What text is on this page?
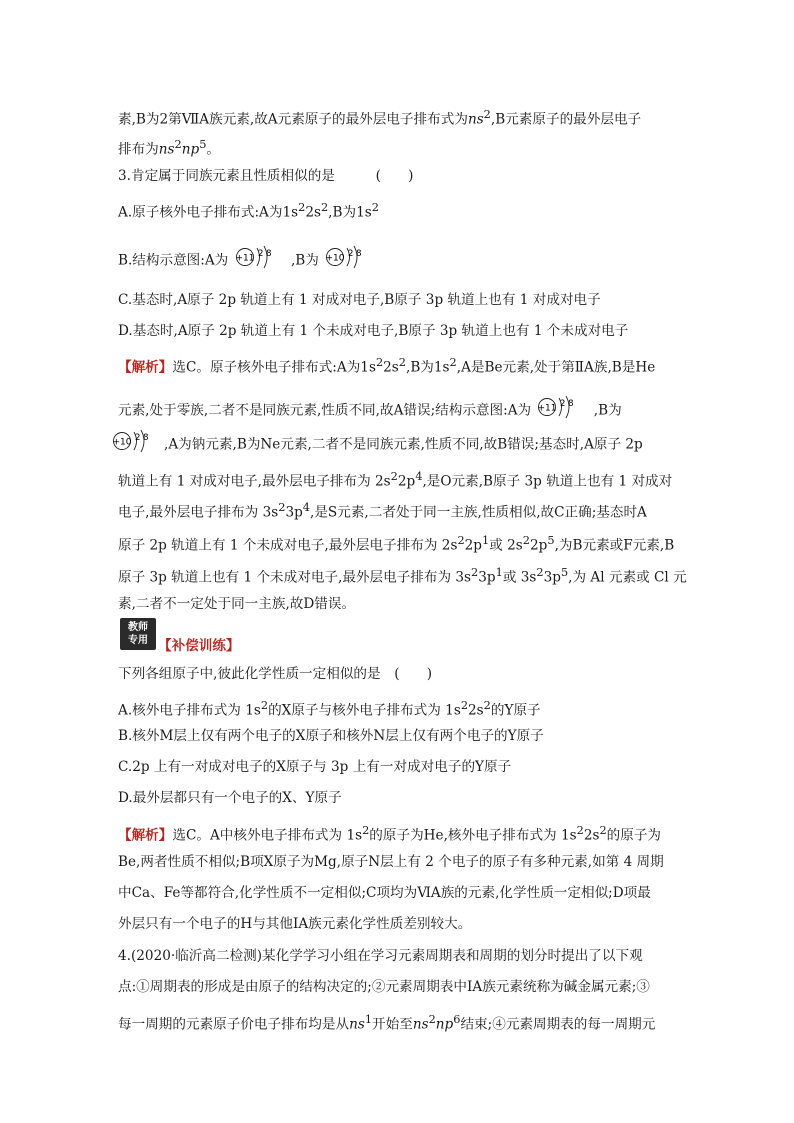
素,B为2第ⅦA族元素,故A元素原子的最外层电子排布式为$ns^2,B$元素原子的最外层电子
排布为$ns^2np^5$。
3.肯定属于同族元素且性质相似的是　　　	(　　)
A.原子核外电子排布式:A为$1s^22s^2,B$为$1s^2$
B.结构示意图:A为 +11 2 8 ,B为 +10 2 8
C.基态时,A原子 2p 轨道上有 1 对成对电子,B原子 3p 轨道上也有 1 对成对电子
D.基态时,A原子 2p 轨道上有 1 个未成对电子,B原子 3p 轨道上也有 1 个未成对电子
【解析】选C。原子核外电子排布式:A为$1s^22s^2,B$为$1s^2,A$是Be元素,处于第ⅡA族,B是He
元素,处于零族,二者不是同族元素,性质不同,故A错误;结构示意图:A为 +11 2 8 ,B为
+10 2 8 ,A为钠元素,B为Ne元素,二者不是同族元素,性质不同,故B错误;基态时,A原子 2p
轨道上有 1 对成对电子,最外层电子排布为 $2s^22p^4$,是O元素,B原子 3p 轨道上也有 1 对成对
电子,最外层电子排布为 $3s^23p^4$,是S元素,二者处于同一主族,性质相似,故C正确;基态时A
原子 2p 轨道上有 1 个未成对电子,最外层电子排布为 $2s^22p^1$或 $2s^22p^5$,为B元素或F元素,B
原子 3p 轨道上也有 1 个未成对电子,最外层电子排布为 $3s^23p^1$或 $3s^23p^5$,为 Al 元素或 Cl 元
素,二者不一定处于同一主族,故D错误。
教师
专用 【补偿训练】
下列各组原子中,彼此化学性质一定相似的是　 (　　)
A.核外电子排布式为 $1s^2$的X原子与核外电子排布式为 $1s^22s^2$的Y原子
B.核外M层上仅有两个电子的X原子和核外N层上仅有两个电子的Y原子
C.2p 上有一对成对电子的X原子与 3p 上有一对成对电子的Y原子
D.最外层都只有一个电子的X、Y原子
【解析】选C。A中核外电子排布式为 $1s^2$的原子为He,核外电子排布式为 $1s^22s^2$的原子为
Be,两者性质不相似;B项X原子为Mg,原子N层上有 2 个电子的原子有多种元素,如第 4 周期
中Ca、Fe等都符合,化学性质不一定相似;C项均为ⅥA族的元素,化学性质一定相似;D项最
外层只有一个电子的H与其他ⅠA族元素化学性质差别较大。
4.(2020·临沂高二检测)某化学学习小组在学习元素周期表和周期的划分时提出了以下观
点:①周期表的形成是由原子的结构决定的;②元素周期表中ⅠA族元素统称为碱金属元素;③
每一周期的元素原子价电子排布均是从$ns^1$开始至$ns^2np^6$结束;④元素周期表的每一周期元
